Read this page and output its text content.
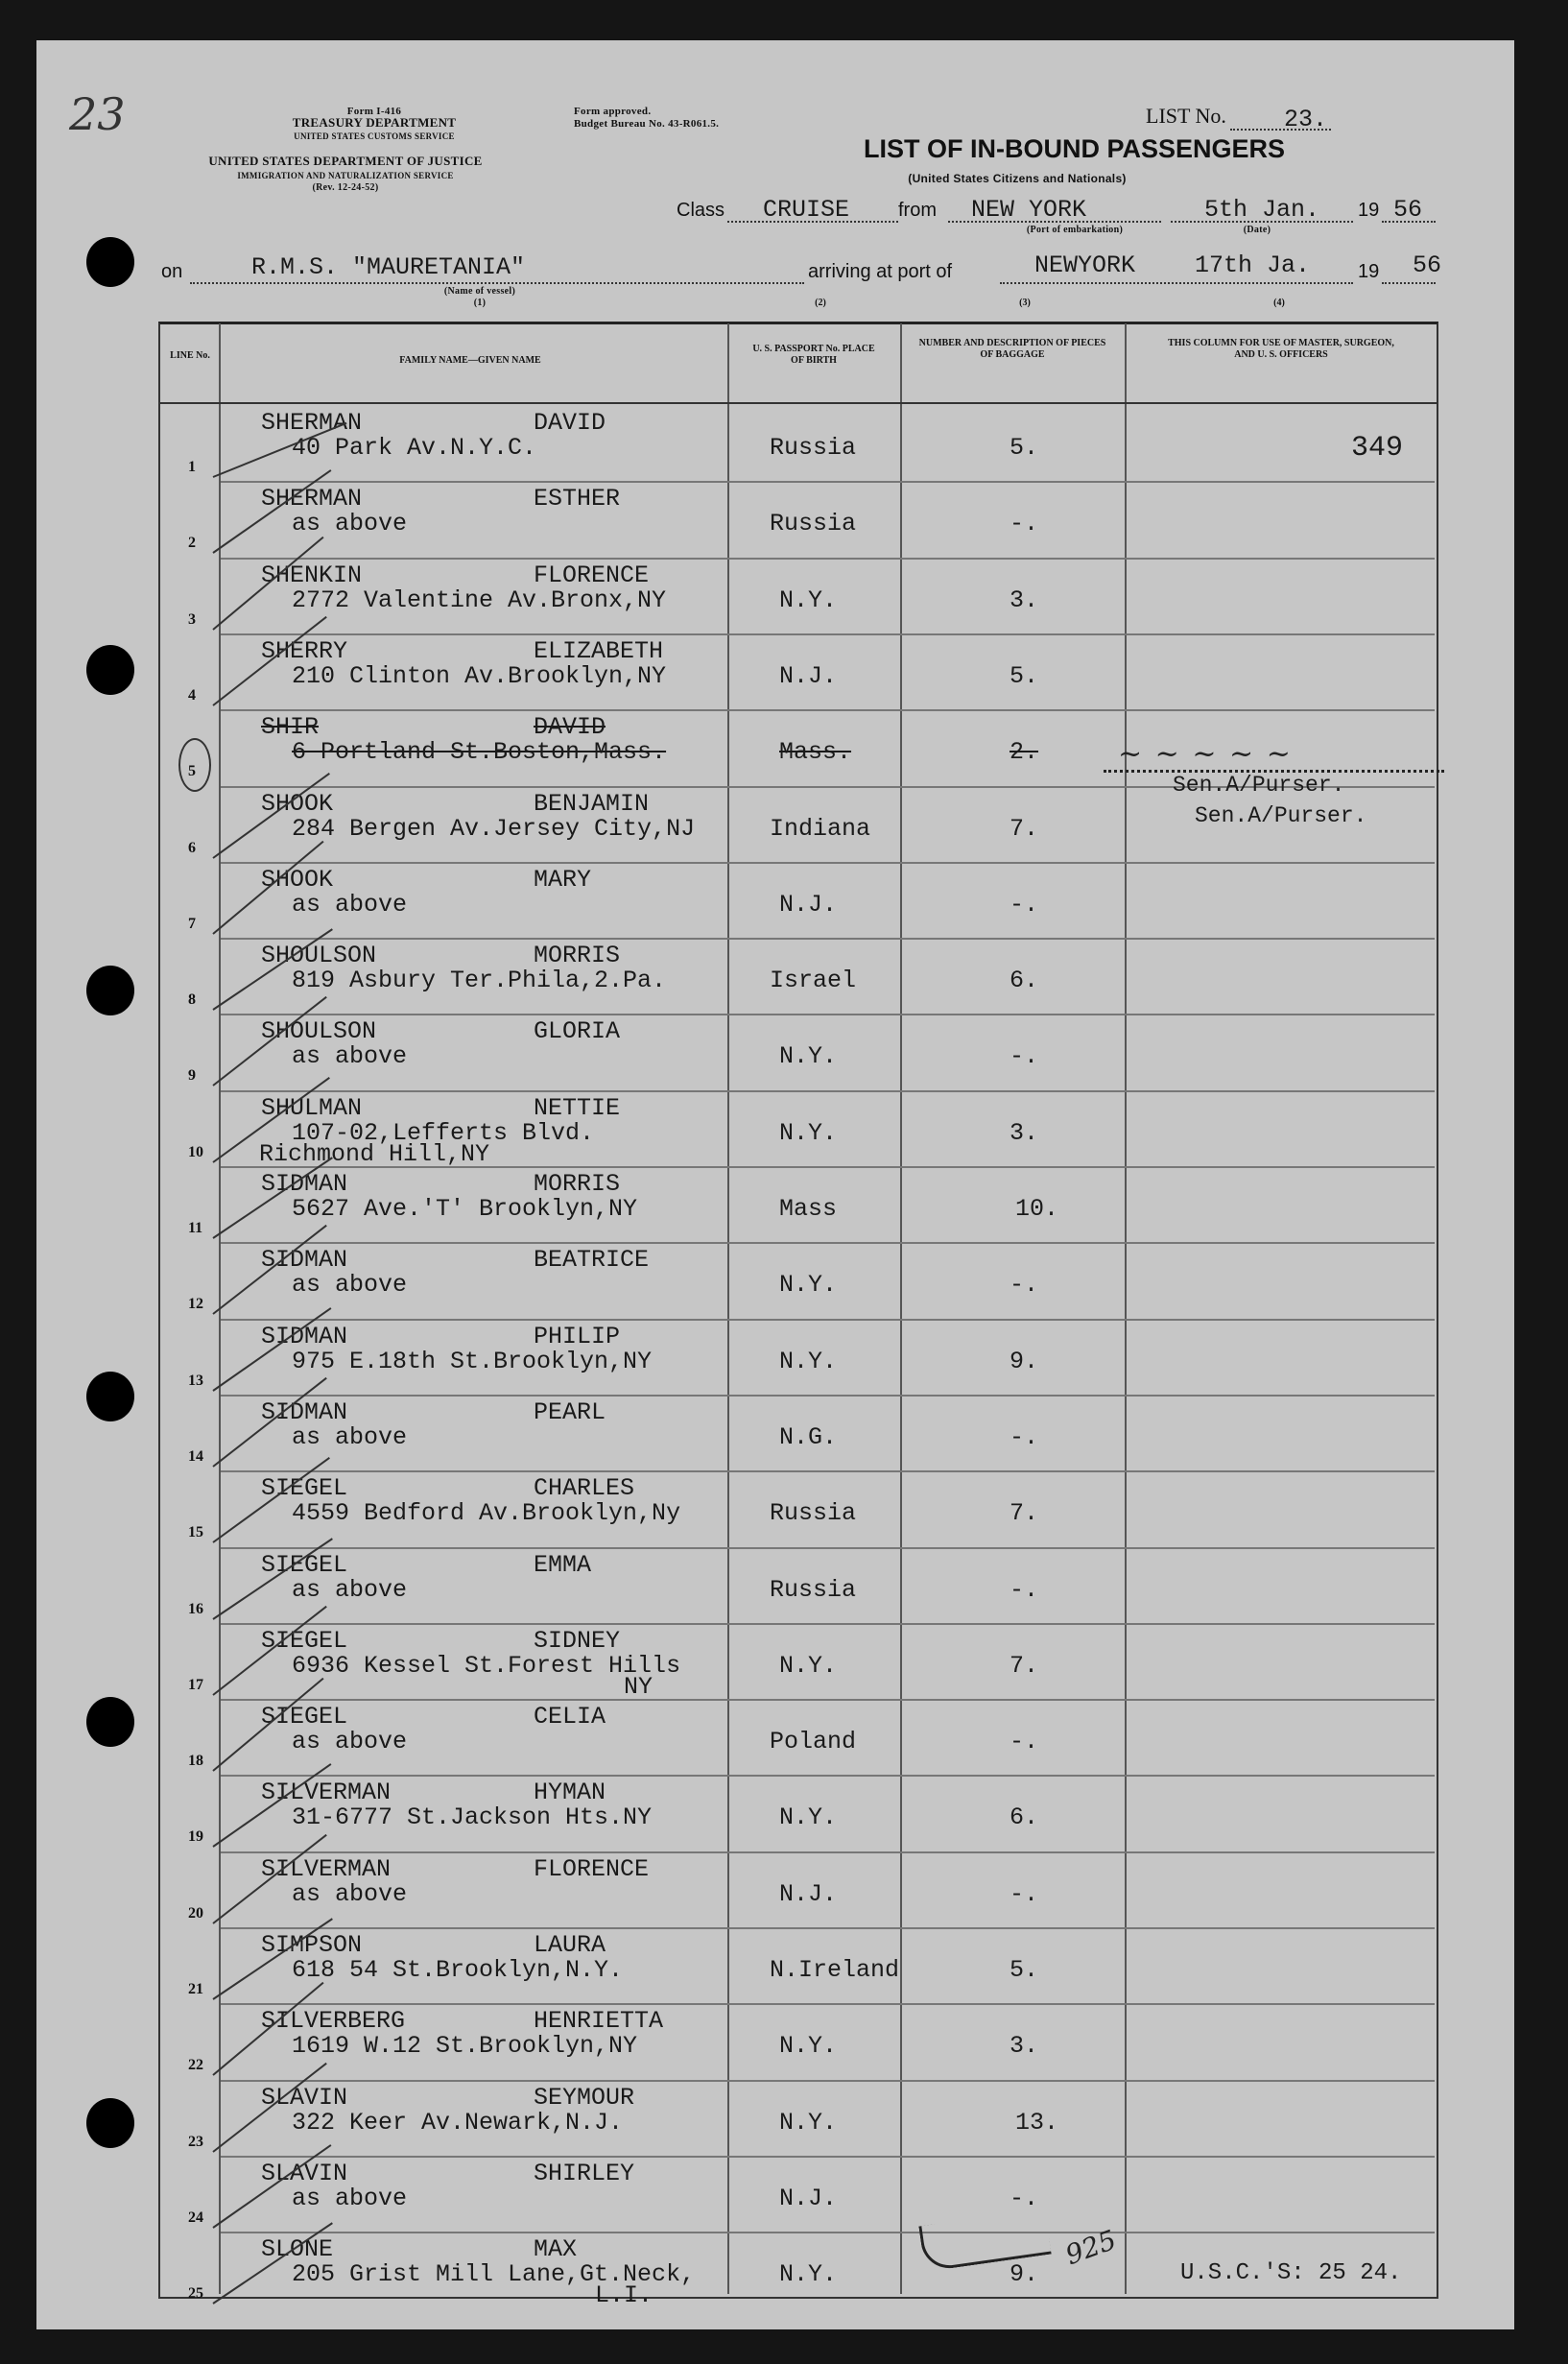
23	Form I-416
TREASURY DEPARTMENT
UNITED STATES CUSTOMS SERVICE
UNITED STATES DEPARTMENT OF JUSTICE
IMMIGRATION AND NATURALIZATION SERVICE
(Rev. 12-24-52)
Form approved.
Budget Bureau No. 43-R061.5.	LIST No. 23.
LIST OF IN-BOUND PASSENGERS
(United States Citizens and Nationals)
Class CRUISE	from NEW YORK
(Port of embarkation)
5th Jan.
(Date)
19 56
on	R.M.S. "MAURETANIA"
(Name of vessel)
(1)
arriving at port of	NEWYORK 17th Ja. 19 56
(2)	(3)	(4)
LINE No.	FAMILY NAME—GIVEN NAME
U. S. PASSPORT No. PLACE OF BIRTH
NUMBER AND DESCRIPTION OF PIECES OF BAGGAGE
THIS COLUMN FOR USE OF MASTER, SURGEON, AND U. S. OFFICERS
1
SHERMAN	DAVID
40 Park Av.N.Y.C.	Russia	5.	349
2
SHERMAN	ESTHER
as above	Russia	-.
3
SHENKIN	FLORENCE
2772 Valentine Av.Bronx,NY	N.Y.	3.
4
SHERRY	ELIZABETH
210 Clinton Av.Brooklyn,NY	N.J.	5.
5
SHIR	DAVID
6 Portland St.Boston,Mass.	Mass.	2.
6
SHOOK	BENJAMIN
284 Bergen Av.Jersey City,NJ	Indiana	7.	Sen.A/Purser.
7
SHOOK	MARY
as above	N.J.	-.
8
SHOULSON	MORRIS
819 Asbury Ter.Phila,2.Pa.	Israel	6.
9
SHOULSON	GLORIA
as above	N.Y.	-.
10
SHULMAN	NETTIE
107-02,Lefferts Blvd.
Richmond Hill,NY
N.Y.	3.
11
SIDMAN	MORRIS
5627 Ave.'T' Brooklyn,NY	Mass	10.
12
SIDMAN	BEATRICE
as above	N.Y.	-.
13
SIDMAN	PHILIP
975 E.18th St.Brooklyn,NY	N.Y.	9.
14
SIDMAN	PEARL
as above	N.G.	-.
15
SIEGEL	CHARLES
4559 Bedford Av.Brooklyn,Ny	Russia	7.
16
SIEGEL	EMMA
as above	Russia	-.
17
SIEGEL	SIDNEY
6936 Kessel St.Forest Hills
NY
N.Y.	7.
18
SIEGEL	CELIA
as above	Poland	-.
19
SILVERMAN	HYMAN
31-6777 St.Jackson Hts.NY	N.Y.	6.
20
SILVERMAN	FLORENCE
as above	N.J.	-.
21
SIMPSON	LAURA
618 54 St.Brooklyn,N.Y.	N.Ireland	5.
22
SILVERBERG	HENRIETTA
1619 W.12 St.Brooklyn,NY	N.Y.	3.
23
SLAVIN	SEYMOUR
322 Keer Av.Newark,N.J.	N.Y.	13.
24
SLAVIN	SHIRLEY
as above	N.J.	-.
25
SLONE	MAX
205 Grist Mill Lane,Gt.Neck,
L.I.
N.Y.	9.	U.S.C.'S: 25 24.
Sen.A/Purser.
~ ~ ~ ~ ~
925
